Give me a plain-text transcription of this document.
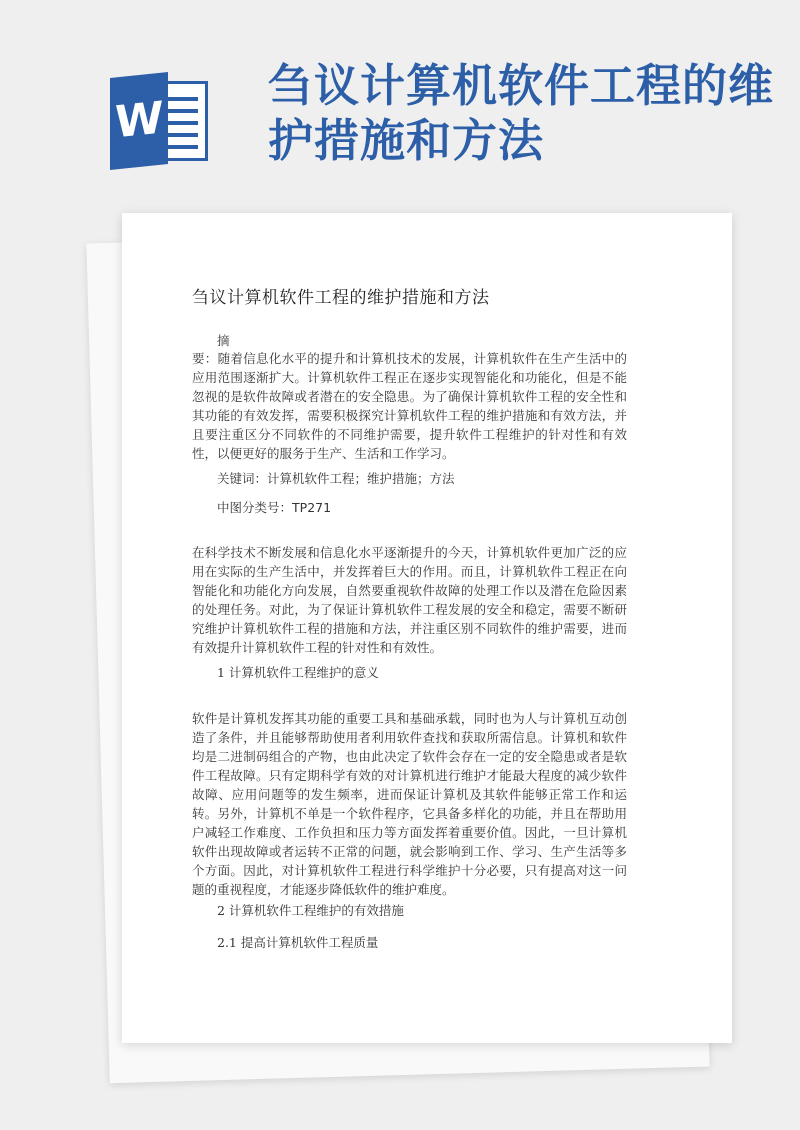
W
刍议计算机软件工程的维护措施和方法
刍议计算机软件工程的维护措施和方法

摘

要：随着信息化水平的提升和计算机技术的发展，计算机软件在生产生活中的应用范围逐渐扩大。计算机软件工程正在逐步实现智能化和功能化，但是不能忽视的是软件故障或者潜在的安全隐患。为了确保计算机软件工程的安全性和其功能的有效发挥，需要积极探究计算机软件工程的维护措施和有效方法，并且要注重区分不同软件的不同维护需要，提升软件工程维护的针对性和有效性，以便更好的服务于生产、生活和工作学习。

关键词：计算机软件工程；维护措施；方法

中图分类号：TP271

在科学技术不断发展和信息化水平逐渐提升的今天，计算机软件更加广泛的应用在实际的生产生活中，并发挥着巨大的作用。而且，计算机软件工程正在向智能化和功能化方向发展，自然要重视软件故障的处理工作以及潜在危险因素的处理任务。对此，为了保证计算机软件工程发展的安全和稳定，需要不断研究维护计算机软件工程的措施和方法，并注重区别不同软件的维护需要，进而有效提升计算机软件工程的针对性和有效性。

1 计算机软件工程维护的意义

软件是计算机发挥其功能的重要工具和基础承载，同时也为人与计算机互动创造了条件，并且能够帮助使用者利用软件查找和获取所需信息。计算机和软件均是二进制码组合的产物，也由此决定了软件会存在一定的安全隐患或者是软件工程故障。只有定期科学有效的对计算机进行维护才能最大程度的减少软件故障、应用问题等的发生频率，进而保证计算机及其软件能够正常工作和运转。另外，计算机不单是一个软件程序，它具备多样化的功能，并且在帮助用户减轻工作难度、工作负担和压力等方面发挥着重要价值。因此，一旦计算机软件出现故障或者运转不正常的问题，就会影响到工作、学习、生产生活等多个方面。因此，对计算机软件工程进行科学维护十分必要，只有提高对这一问题的重视程度，才能逐步降低软件的维护难度。

2 计算机软件工程维护的有效措施

2.1 提高计算机软件工程质量
